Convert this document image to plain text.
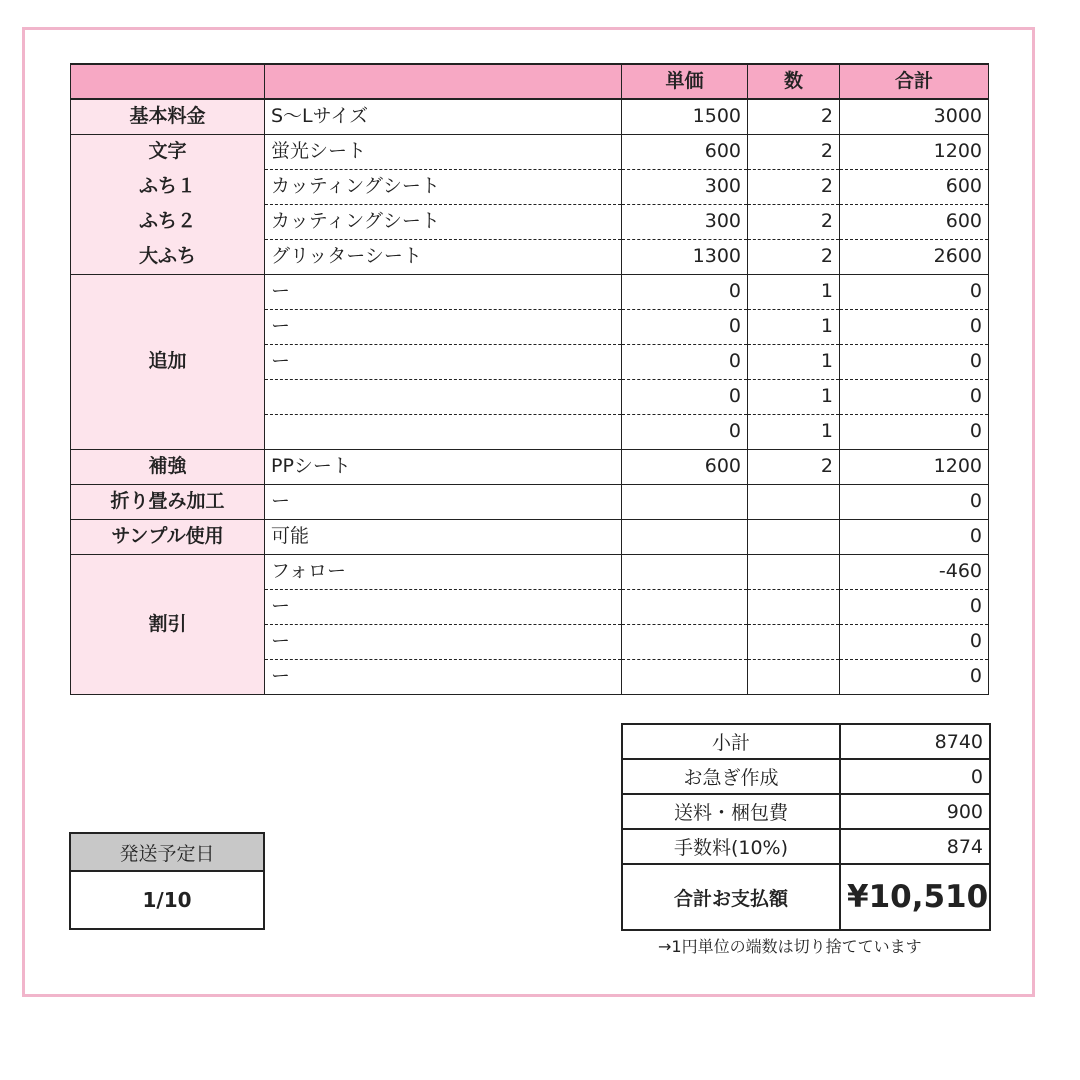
		単価	数	合計
基本料金	S〜Lサイズ	1500	2	3000
文字	蛍光シート	600	2	1200
ふち１	カッティングシート	300	2	600
ふち２	カッティングシート	300	2	600
大ふち	グリッターシート	1300	2	2600
追加	ー	0	1	0
	ー	0	1	0
	ー	0	1	0
		0	1	0
		0	1	0
補強	PPシート	600	2	1200
折り畳み加工	ー			0
サンプル使用	可能			0
割引	フォロー			-460
	ー			0
	ー			0
	ー			0
小計	8740
お急ぎ作成	0
送料・梱包費	900
手数料(10%)	874
合計お支払額	¥10,510
発送予定日
1/10
→1円単位の端数は切り捨てています
